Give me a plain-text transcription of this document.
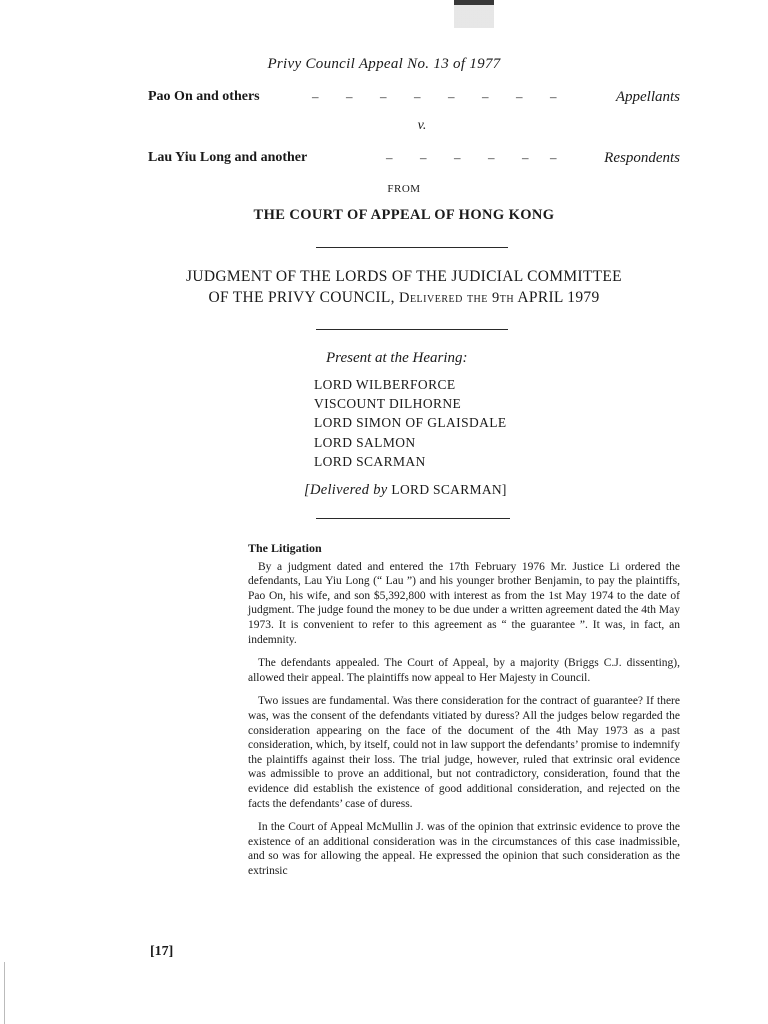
Privy Council Appeal No. 13 of 1977
Pao On and others	– – – – – – – –	Appellants
v.
Lau Yiu Long and another	– – – – – –	Respondents
FROM
THE COURT OF APPEAL OF HONG KONG
JUDGMENT OF THE LORDS OF THE JUDICIAL COMMITTEE
OF THE PRIVY COUNCIL, Delivered the 9th APRIL 1979
Present at the Hearing:
LORD WILBERFORCE
VISCOUNT DILHORNE
LORD SIMON OF GLAISDALE
LORD SALMON
LORD SCARMAN
[Delivered by LORD SCARMAN]
The Litigation

By a judgment dated and entered the 17th February 1976 Mr. Justice Li ordered the defendants, Lau Yiu Long (“ Lau ”) and his younger brother Benjamin, to pay the plaintiffs, Pao On, his wife, and son $5,392,800 with interest as from the 1st May 1974 to the date of judgment. The judge found the money to be due under a written agreement dated the 4th May 1973. It is convenient to refer to this agreement as “ the guarantee ”. It was, in fact, an indemnity.

The defendants appealed. The Court of Appeal, by a majority (Briggs C.J. dissenting), allowed their appeal. The plaintiffs now appeal to Her Majesty in Council.

Two issues are fundamental. Was there consideration for the contract of guarantee? If there was, was the consent of the defendants vitiated by duress? All the judges below regarded the consideration appearing on the face of the document of the 4th May 1973 as a past consideration, which, by itself, could not in law support the defendants’ promise to indemnify the plaintiffs against their loss. The trial judge, however, ruled that extrinsic oral evidence was admissible to prove an additional, but not contradictory, consideration, found that the evidence did establish the existence of good additional consideration, and rejected on the facts the defendants’ case of duress.

In the Court of Appeal McMullin J. was of the opinion that extrinsic evidence to prove the existence of an additional consideration was in the circumstances of this case inadmissible, and so was for allowing the appeal. He expressed the opinion that such consideration as the extrinsic

[17]
